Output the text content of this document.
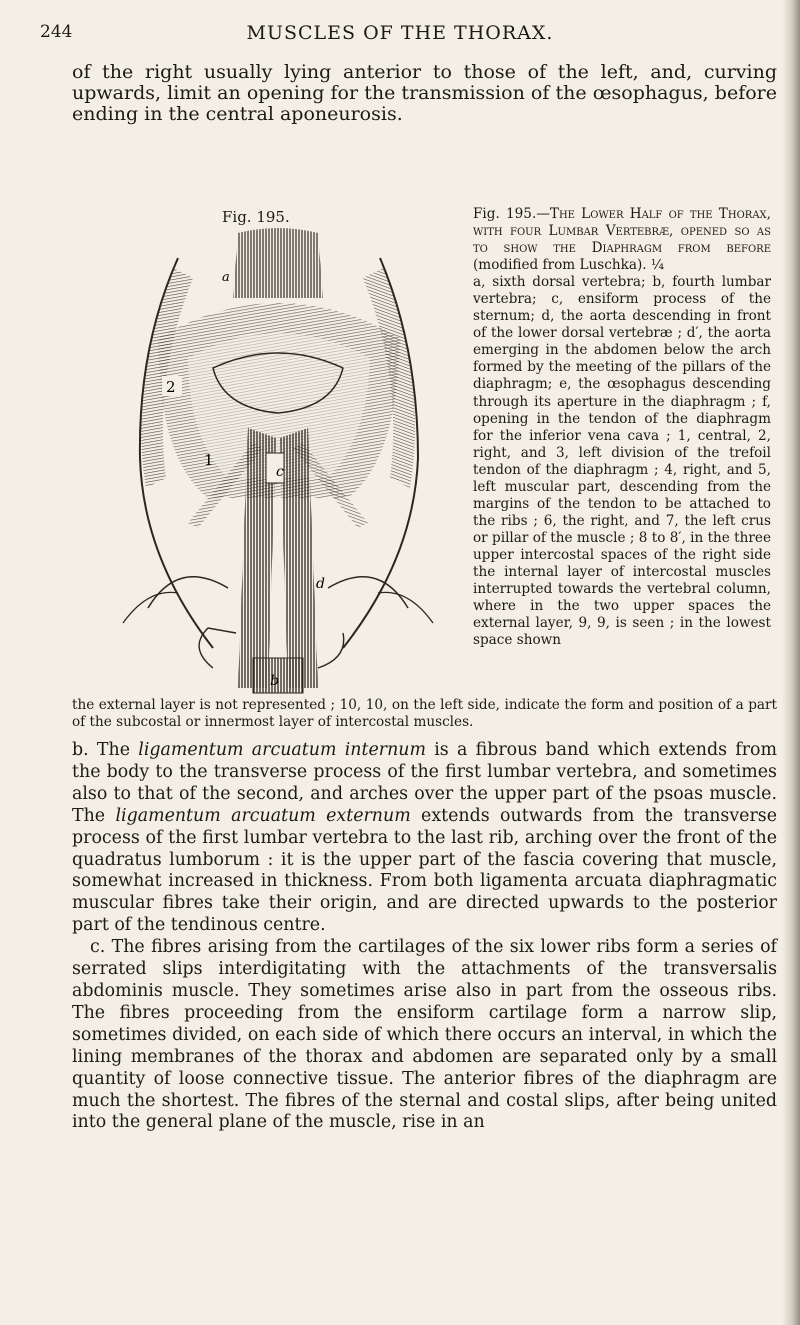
244	MUSCLES OF THE THORAX.

of the right usually lying anterior to those of the left, and, curving upwards, limit an opening for the transmission of the œsophagus, before ending in the central aponeurosis.

Fig. 195.
a
c
b
d
2
1
Fig. 195.—The Lower Half of the Thorax, with four Lumbar Vertebræ, opened so as to show the Diaphragm from before (modified from Luschka). ¼
a, sixth dorsal vertebra; b, fourth lumbar vertebra; c, ensiform process of the sternum; d, the aorta descending in front of the lower dorsal vertebræ ; d′, the aorta emerging in the abdomen below the arch formed by the meeting of the pillars of the diaphragm; e, the œsophagus descending through its aperture in the diaphragm ; f, opening in the tendon of the diaphragm for the inferior vena cava ; 1, central, 2, right, and 3, left division of the trefoil tendon of the diaphragm ; 4, right, and 5, left muscular part, descending from the margins of the tendon to be attached to the ribs ; 6, the right, and 7, the left crus or pillar of the muscle ; 8 to 8′, in the three upper intercostal spaces of the right side the internal layer of intercostal muscles interrupted towards the vertebral column, where in the two upper spaces the external layer, 9, 9, is seen ; in the lowest space shown

the external layer is not represented ; 10, 10, on the left side, indicate the form and position of a part of the subcostal or innermost layer of intercostal muscles.

b. The ligamentum arcuatum internum is a fibrous band which extends from the body to the transverse process of the first lumbar vertebra, and sometimes also to that of the second, and arches over the upper part of the psoas muscle. The ligamentum arcuatum externum extends outwards from the transverse process of the first lumbar vertebra to the last rib, arching over the front of the quadratus lumborum : it is the upper part of the fascia covering that muscle, somewhat increased in thickness. From both ligamenta arcuata diaphragmatic muscular fibres take their origin, and are directed upwards to the posterior part of the tendinous centre.

c. The fibres arising from the cartilages of the six lower ribs form a series of serrated slips interdigitating with the attachments of the transversalis abdominis muscle. They sometimes arise also in part from the osseous ribs. The fibres proceeding from the ensiform cartilage form a narrow slip, sometimes divided, on each side of which there occurs an interval, in which the lining membranes of the thorax and abdomen are separated only by a small quantity of loose connective tissue. The anterior fibres of the diaphragm are much the shortest. The fibres of the sternal and costal slips, after being united into the general plane of the muscle, rise in an
